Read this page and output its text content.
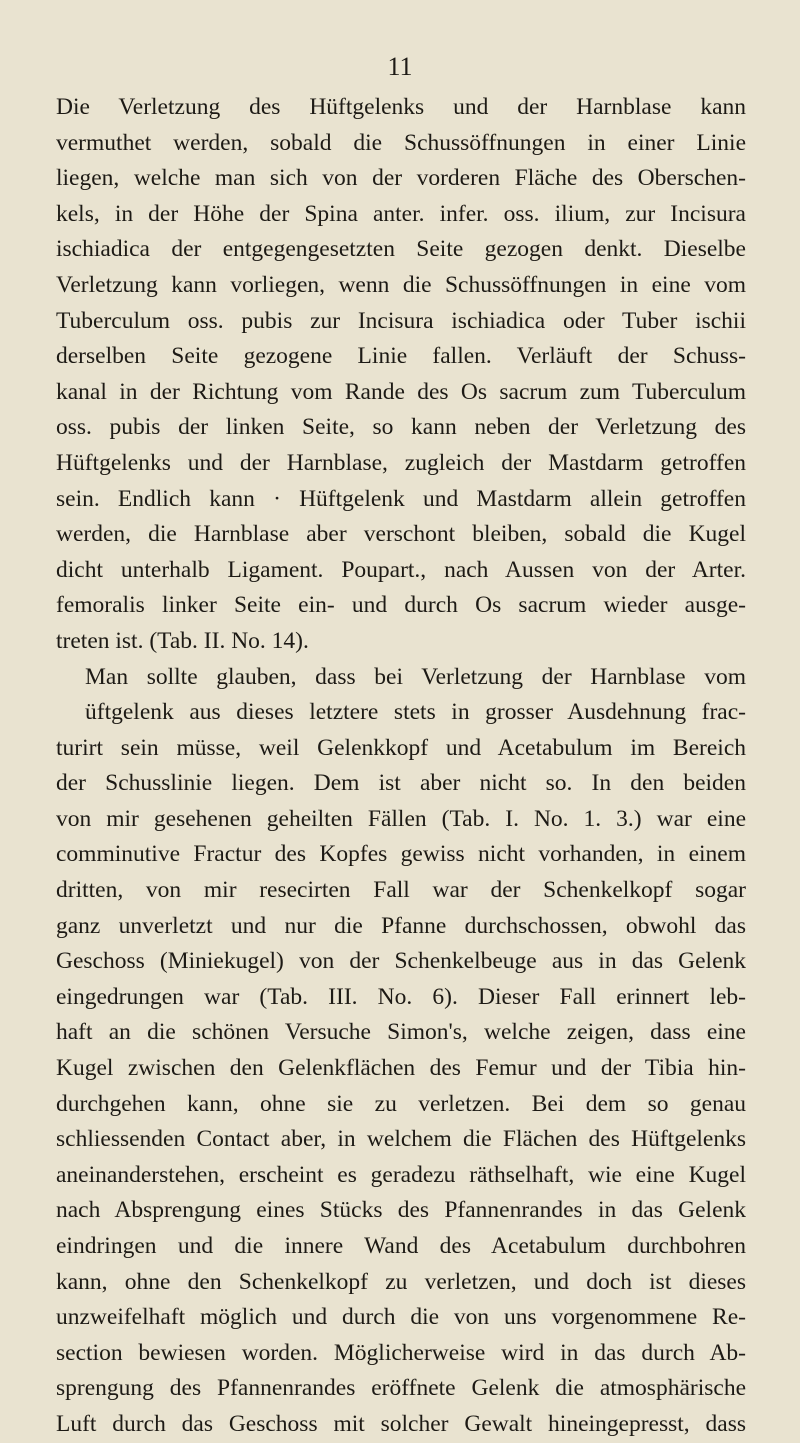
11
Die Verletzung des Hüftgelenks und der Harnblase kann
vermuthet werden, sobald die Schussöffnungen in einer Linie
liegen, welche man sich von der vorderen Fläche des Oberschen-
kels, in der Höhe der Spina anter. infer. oss. ilium, zur Incisura
ischiadica der entgegengesetzten Seite gezogen denkt. Dieselbe
Verletzung kann vorliegen, wenn die Schussöffnungen in eine vom
Tuberculum oss. pubis zur Incisura ischiadica oder Tuber ischii
derselben Seite gezogene Linie fallen. Verläuft der Schuss-
kanal in der Richtung vom Rande des Os sacrum zum Tuberculum
oss. pubis der linken Seite, so kann neben der Verletzung des
Hüftgelenks und der Harnblase, zugleich der Mastdarm getroffen
sein. Endlich kann · Hüftgelenk und Mastdarm allein getroffen
werden, die Harnblase aber verschont bleiben, sobald die Kugel
dicht unterhalb Ligament. Poupart., nach Aussen von der Arter.
femoralis linker Seite ein- und durch Os sacrum wieder ausge-
treten ist. (Tab. II. No. 14).
Man sollte glauben, dass bei Verletzung der Harnblase vom
üftgelenk aus dieses letztere stets in grosser Ausdehnung frac-
turirt sein müsse, weil Gelenkkopf und Acetabulum im Bereich
der Schusslinie liegen. Dem ist aber nicht so. In den beiden
von mir gesehenen geheilten Fällen (Tab. I. No. 1. 3.) war eine
comminutive Fractur des Kopfes gewiss nicht vorhanden, in einem
dritten, von mir resecirten Fall war der Schenkelkopf sogar
ganz unverletzt und nur die Pfanne durchschossen, obwohl das
Geschoss (Miniekugel) von der Schenkelbeuge aus in das Gelenk
eingedrungen war (Tab. III. No. 6). Dieser Fall erinnert leb-
haft an die schönen Versuche Simon's, welche zeigen, dass eine
Kugel zwischen den Gelenkflächen des Femur und der Tibia hin-
durchgehen kann, ohne sie zu verletzen. Bei dem so genau
schliessenden Contact aber, in welchem die Flächen des Hüftgelenks
aneinanderstehen, erscheint es geradezu räthselhaft, wie eine Kugel
nach Absprengung eines Stücks des Pfannenrandes in das Gelenk
eindringen und die innere Wand des Acetabulum durchbohren
kann, ohne den Schenkelkopf zu verletzen, und doch ist dieses
unzweifelhaft möglich und durch die von uns vorgenommene Re-
section bewiesen worden. Möglicherweise wird in das durch Ab-
sprengung des Pfannenrandes eröffnete Gelenk die atmosphärische
Luft durch das Geschoss mit solcher Gewalt hineingepresst, dass
